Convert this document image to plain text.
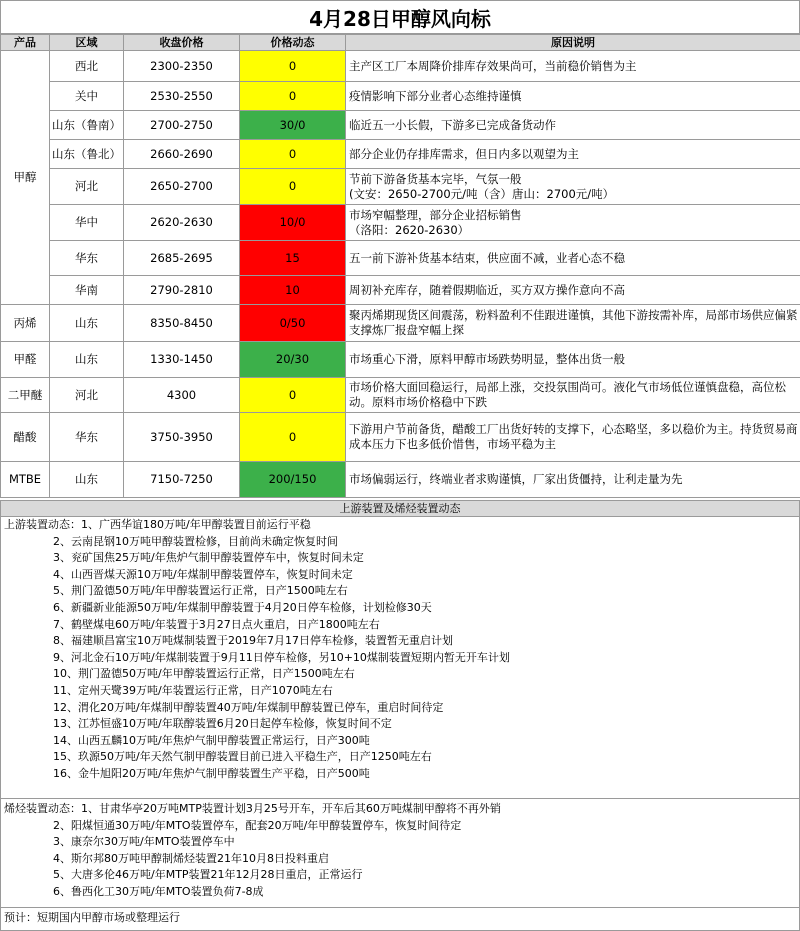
4月28日甲醇风向标
产品	区域	收盘价格	价格动态	原因说明
甲醇	西北	2300-2350	0	主产区工厂本周降价排库存效果尚可，当前稳价销售为主

	关中	2530-2550	0	疫情影响下部分业者心态维持谨慎

	山东（鲁南）	2700-2750	30/0	临近五一小长假，下游多已完成备货动作

	山东（鲁北）	2660-2690	0	部分企业仍存排库需求，但日内多以观望为主

	河北	2650-2700	0	节前下游备货基本完毕，气氛一般
(文安：2650-2700元/吨（含）唐山：2700元/吨）

	华中	2620-2630	10/0	市场窄幅整理，部分企业招标销售
（洛阳：2620-2630）

	华东	2685-2695	15	五一前下游补货基本结束，供应面不减，业者心态不稳

	华南	2790-2810	10	周初补充库存，随着假期临近，买方双方操作意向不高

丙烯	山东	8350-8450	0/50	聚丙烯期现货区间震荡，粉料盈利不佳跟进谨慎，其他下游按需补库，局部市场供应偏紧支撑炼厂报盘窄幅上探
甲醛	山东	1330-1450	20/30	市场重心下滑，原料甲醇市场跌势明显，整体出货一般
二甲醚	河北	4300	0	市场价格大面回稳运行，局部上涨，交投氛围尚可。液化气市场低位谨慎盘稳，高位松动。原料市场价格稳中下跌
醋酸	华东	3750-3950	0	下游用户节前备货，醋酸工厂出货好转的支撑下，心态略坚，多以稳价为主。持货贸易商成本压力下也多低价惜售，市场平稳为主
MTBE	山东	7150-7250	200/150	市场偏弱运行，终端业者求购谨慎，厂家出货僵持，让利走量为先
上游装置及烯烃装置动态
上游装置动态：1、广西华谊180万吨/年甲醇装置目前运行平稳
2、云南昆钢10万吨甲醇装置检修，目前尚未确定恢复时间
3、兖矿国焦25万吨/年焦炉气制甲醇装置停车中，恢复时间未定
4、山西晋煤天源10万吨/年煤制甲醇装置停车，恢复时间未定
5、荆门盈德50万吨/年甲醇装置运行正常，日产1500吨左右
6、新疆新业能源50万吨/年煤制甲醇装置于4月20日停车检修，计划检修30天
7、鹤壁煤电60万吨/年装置于3月27日点火重启，日产1800吨左右
8、福建顺昌富宝10万吨煤制装置于2019年7月17日停车检修，装置暂无重启计划
9、河北金石10万吨/年煤制装置于9月11日停车检修，另10+10煤制装置短期内暂无开车计划
10、荆门盈德50万吨/年甲醇装置运行正常，日产1500吨左右
11、定州天鹭39万吨/年装置运行正常，日产1070吨左右
12、渭化20万吨/年煤制甲醇装置40万吨/年煤制甲醇装置已停车，重启时间待定
13、江苏恒盛10万吨/年联醇装置6月20日起停车检修，恢复时间不定
14、山西五麟10万吨/年焦炉气制甲醇装置正常运行，日产300吨
15、玖源50万吨/年天然气制甲醇装置目前已进入平稳生产，日产1250吨左右
16、金牛旭阳20万吨/年焦炉气制甲醇装置生产平稳，日产500吨
烯烃装置动态：1、甘肃华亭20万吨MTP装置计划3月25号开车，开车后其60万吨煤制甲醇将不再外销
2、阳煤恒通30万吨/年MTO装置停车，配套20万吨/年甲醇装置停车，恢复时间待定
3、康奈尔30万吨/年MTO装置停车中
4、斯尔邦80万吨甲醇制烯烃装置21年10月8日投料重启
5、大唐多伦46万吨/年MTP装置21年12月28日重启，正常运行
6、鲁西化工30万吨/年MTO装置负荷7-8成
预计：短期国内甲醇市场或整理运行
